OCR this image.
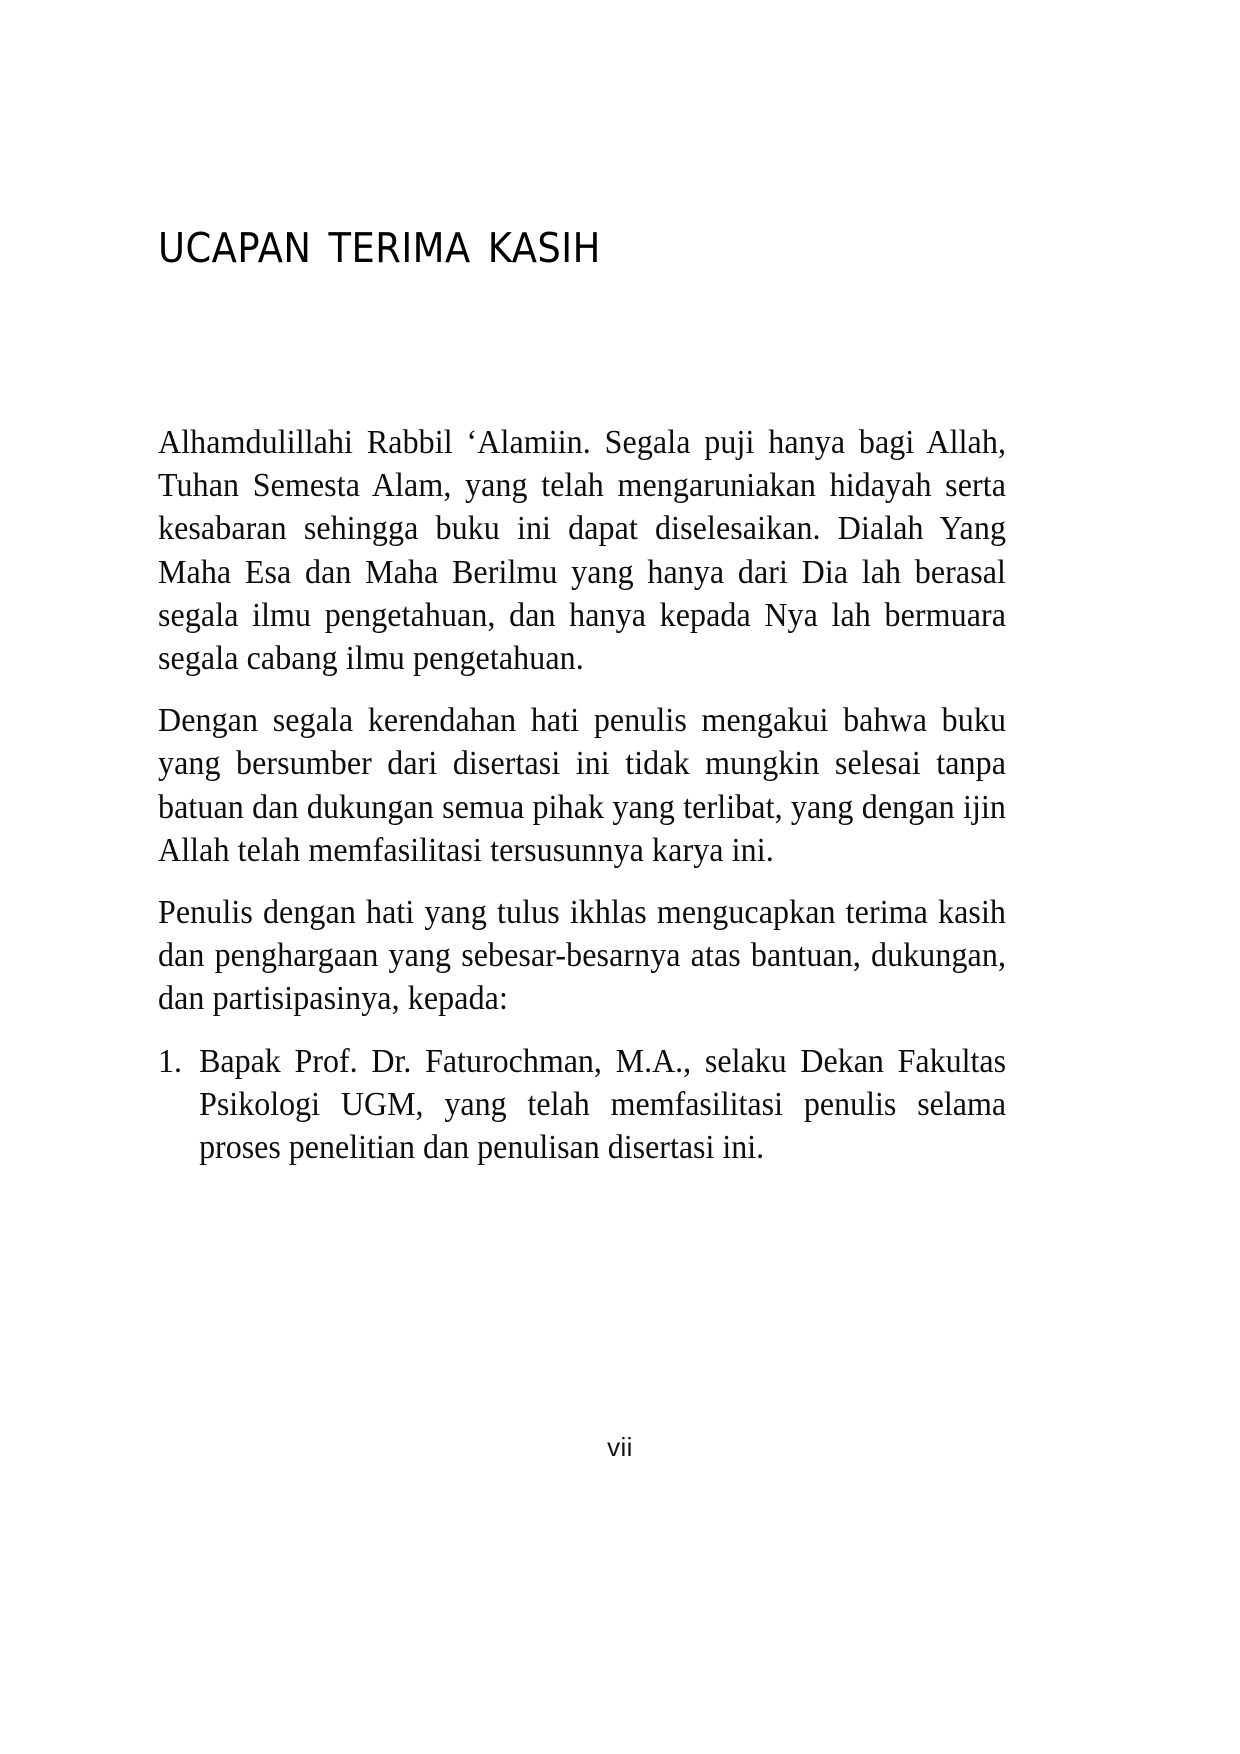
ucapan terima kasih

Alhamdulillahi Rabbil ‘Alamiin. Segala puji hanya bagi Allah, Tuhan Semesta Alam, yang telah mengaruniakan hidayah serta kesabaran sehingga buku ini dapat diselesaikan. Dialah Yang Maha Esa dan Maha Berilmu yang hanya dari Dia lah berasal segala ilmu pengetahuan, dan hanya kepada Nya lah bermuara segala cabang ilmu pengetahuan.

Dengan segala kerendahan hati penulis mengakui bahwa buku yang bersumber dari disertasi ini tidak mungkin selesai tanpa batuan dan dukungan semua pihak yang terlibat, yang dengan ijin Allah telah memfasilitasi tersusunnya karya ini.

Penulis dengan hati yang tulus ikhlas mengucapkan terima kasih dan penghargaan yang sebesar-besarnya atas bantuan, dukungan, dan partisipasinya, kepada:

1. Bapak Prof. Dr. Faturochman, M.A., selaku Dekan Fakultas Psikologi UGM, yang telah memfasilitasi penulis selama proses penelitian dan penulisan disertasi ini.
vii
